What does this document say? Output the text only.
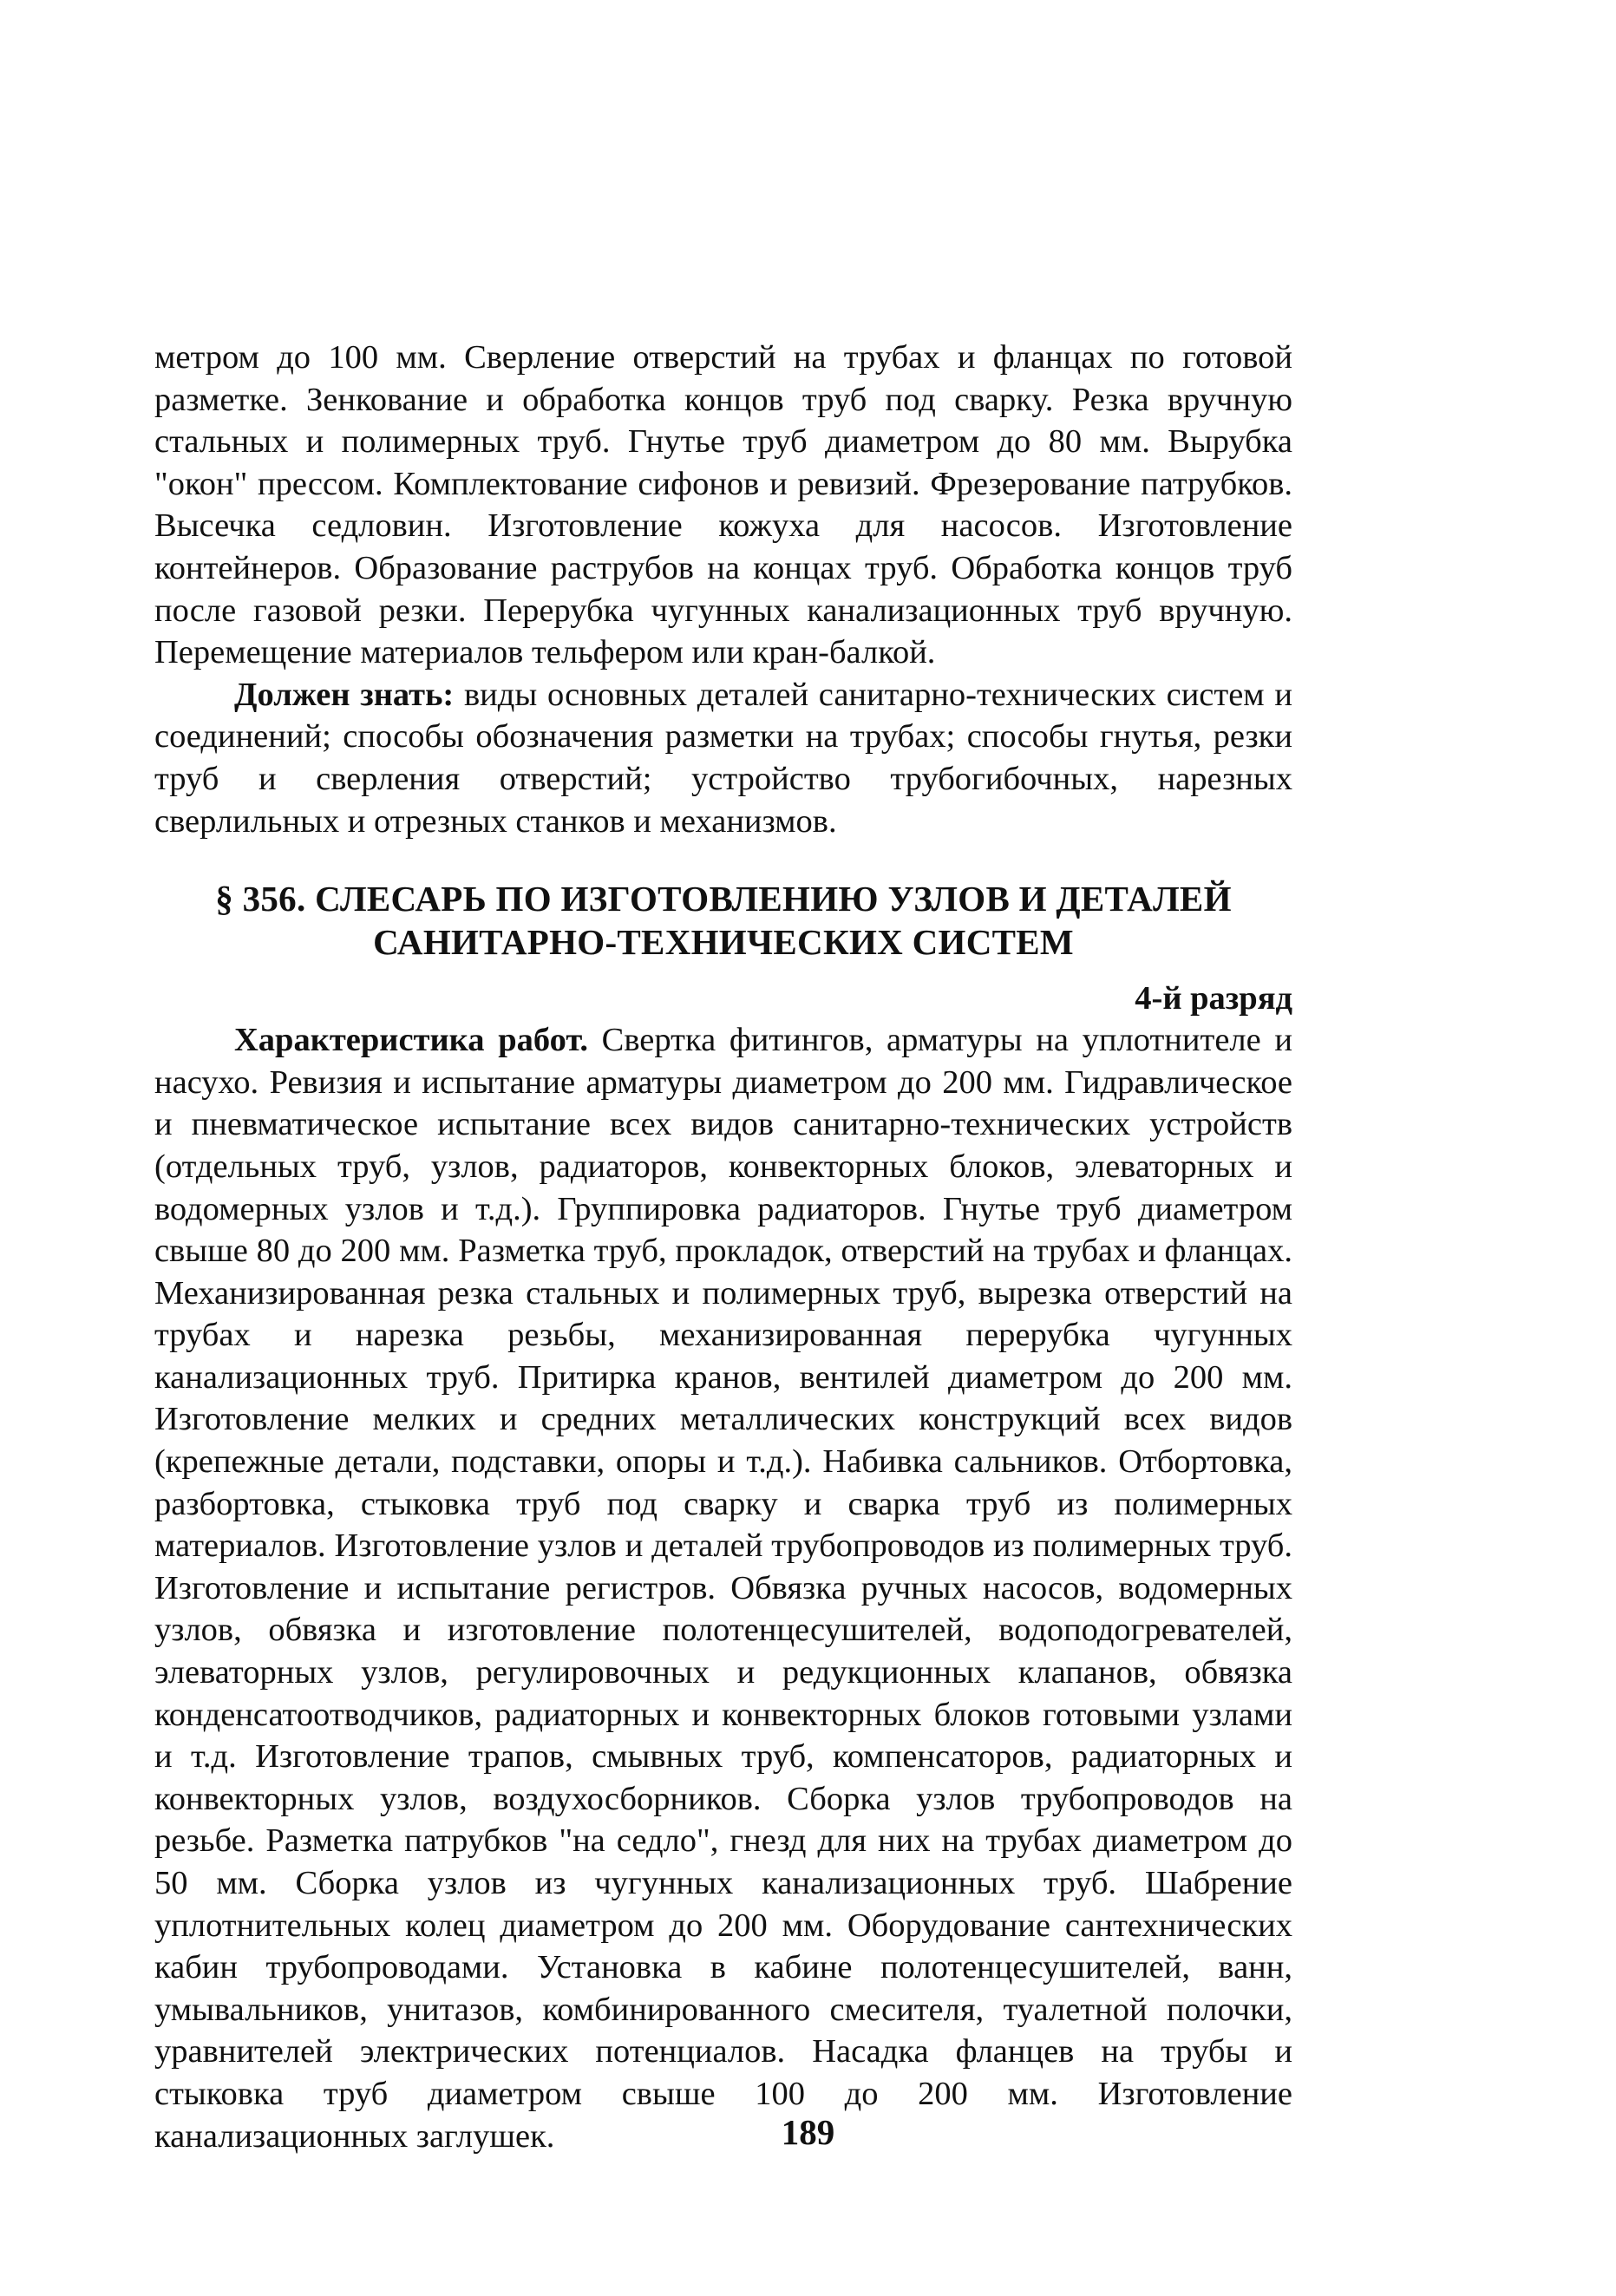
метром до 100 мм. Сверление отверстий на трубах и фланцах по готовой разметке. Зенкование и обработка концов труб под сварку. Резка вручную стальных и полимерных труб. Гнутье труб диаметром до 80 мм. Вырубка "окон" прессом. Комплектование сифонов и ревизий. Фрезерование патрубков. Высечка седловин. Изготовление кожуха для насосов. Изготовление контейнеров. Образование раструбов на концах труб. Обработка концов труб после газовой резки. Перерубка чугунных канализационных труб вручную. Перемещение материалов тельфером или кран-балкой.

Должен знать: виды основных деталей санитарно-технических систем и соединений; способы обозначения разметки на трубах; способы гнутья, резки труб и сверления отверстий; устройство трубогибочных, нарезных сверлильных и отрезных станков и механизмов.

§ 356. СЛЕСАРЬ ПО ИЗГОТОВЛЕНИЮ УЗЛОВ И ДЕТАЛЕЙ

САНИТАРНО-ТЕХНИЧЕСКИХ СИСТЕМ

4-й разряд

Характеристика работ. Свертка фитингов, арматуры на уплотнителе и насухо. Ревизия и испытание арматуры диаметром до 200 мм. Гидравлическое и пневматическое испытание всех видов санитарно-технических устройств (отдельных труб, узлов, радиаторов, конвекторных блоков, элеваторных и водомерных узлов и т.д.). Группировка радиаторов. Гнутье труб диаметром свыше 80 до 200 мм. Разметка труб, прокладок, отверстий на трубах и фланцах. Механизированная резка стальных и полимерных труб, вырезка отверстий на трубах и нарезка резьбы, механизированная перерубка чугунных канализационных труб. Притирка кранов, вентилей диаметром до 200 мм. Изготовление мелких и средних металлических конструкций всех видов (крепежные детали, подставки, опоры и т.д.). Набивка сальников. Отбортовка, разбортовка, стыковка труб под сварку и сварка труб из полимерных материалов. Изготовление узлов и деталей трубопроводов из полимерных труб. Изготовление и испытание регистров. Обвязка ручных насосов, водомерных узлов, обвязка и изготовление полотенцесушителей, водоподогревателей, элеваторных узлов, регулировочных и редукционных клапанов, обвязка конденсатоотводчиков, радиаторных и конвекторных блоков готовыми узлами и т.д. Изготовление трапов, смывных труб, компенсаторов, радиаторных и конвекторных узлов, воздухосборников. Сборка узлов трубопроводов на резьбе. Разметка патрубков "на седло", гнезд для них на трубах диаметром до 50 мм. Сборка узлов из чугунных канализационных труб. Шабрение уплотнительных колец диаметром до 200 мм. Оборудование сантехнических кабин трубопроводами. Установка в кабине полотенцесушителей, ванн, умывальников, унитазов, комбинированного смесителя, туалетной полочки, уравнителей электрических потенциалов. Насадка фланцев на трубы и стыковка труб диаметром свыше 100 до 200 мм. Изготовление канализационных заглушек.	189
